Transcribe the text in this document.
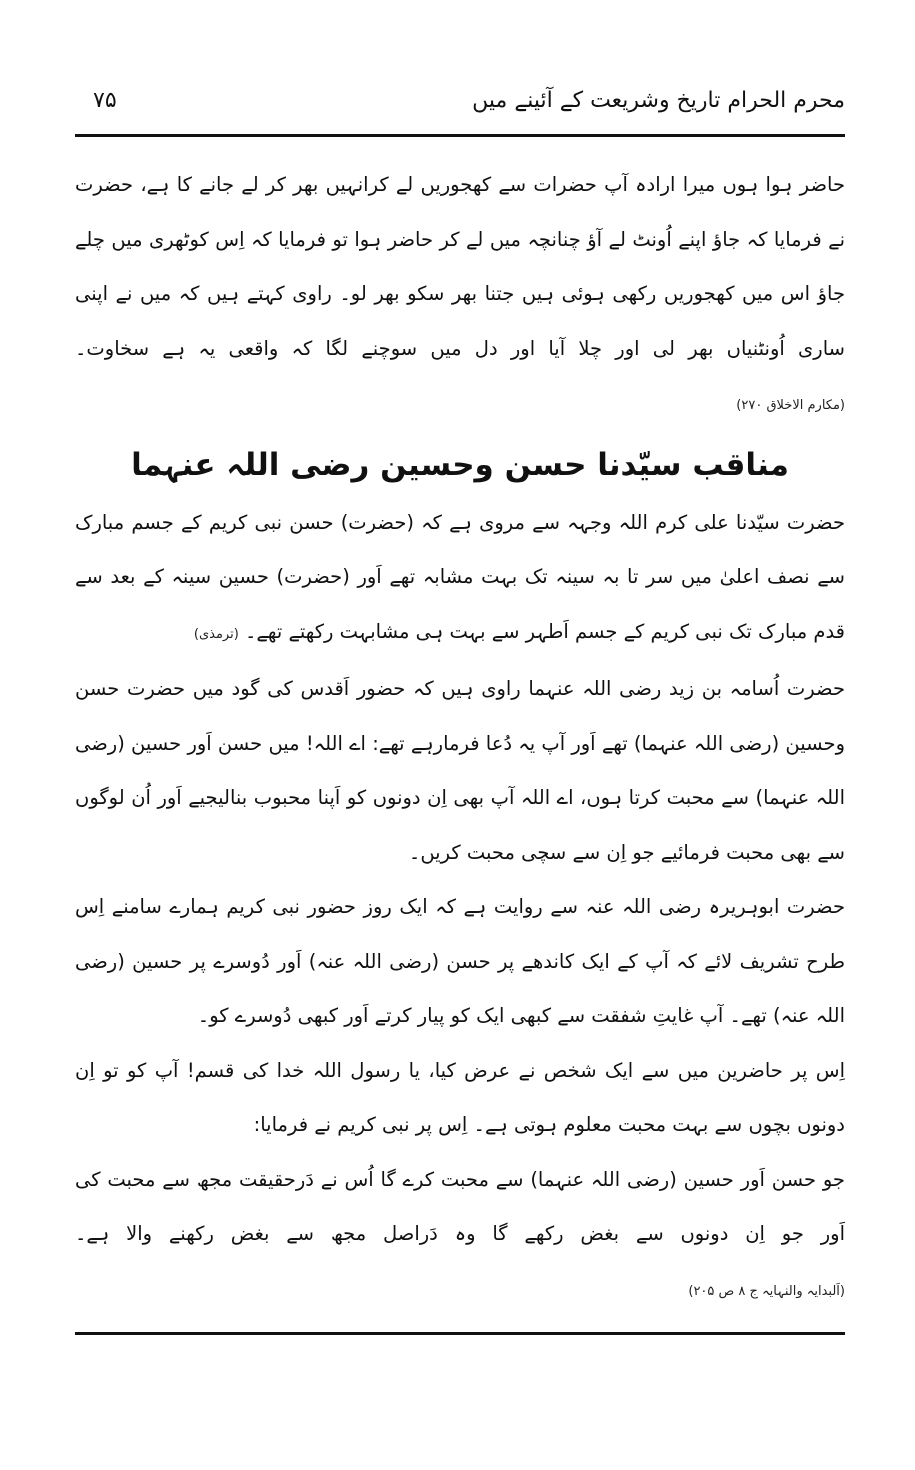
محرم الحرام تاریخ وشریعت کے آئینے میں
۷۵

حاضر ہوا ہوں میرا ارادہ آپ حضرات سے کھجوریں لے کرانہیں بھر کر لے جانے کا ہے، حضرت نے فرمایا کہ جاؤ اپنے اُونٹ لے آؤ چنانچہ میں لے کر حاضر ہوا تو فرمایا کہ اِس کوٹھری میں چلے جاؤ اس میں کھجوریں رکھی ہوئی ہیں جتنا بھر سکو بھر لو۔ راوی کہتے ہیں کہ میں نے اپنی ساری اُونٹنیاں بھر لی اور چلا آیا اور دل میں سوچنے لگا کہ واقعی یہ ہے سخاوت۔ (مکارم الاخلاق ۲۷۰)

مناقب سیّدنا حسن وحسین رضی اللہ عنہما

حضرت سیّدنا علی کرم اللہ وجہہ سے مروی ہے کہ (حضرت) حسن نبی کریم کے جسم مبارک سے نصف اعلیٰ میں سر تا بہ سینہ تک بہت مشابہ تھے اَور (حضرت) حسین سینہ کے بعد سے قدم مبارک تک نبی کریم کے جسم اَطہر سے بہت ہی مشابہت رکھتے تھے۔ (ترمذی)

حضرت اُسامہ بن زید رضی اللہ عنہما راوی ہیں کہ حضور اَقدس کی گود میں حضرت حسن وحسین (رضی اللہ عنہما) تھے اَور آپ یہ دُعا فرمارہے تھے: اے اللہ! میں حسن اَور حسین (رضی اللہ عنہما) سے محبت کرتا ہوں، اے اللہ آپ بھی اِن دونوں کو اَپنا محبوب بنالیجیے اَور اُن لوگوں سے بھی محبت فرمائیے جو اِن سے سچی محبت کریں۔

حضرت ابوہریرہ رضی اللہ عنہ سے روایت ہے کہ ایک روز حضور نبی کریم ہمارے سامنے اِس طرح تشریف لائے کہ آپ کے ایک کاندھے پر حسن (رضی اللہ عنہ) اَور دُوسرے پر حسین (رضی اللہ عنہ) تھے۔ آپ غایتِ شفقت سے کبھی ایک کو پیار کرتے اَور کبھی دُوسرے کو۔

اِس پر حاضرین میں سے ایک شخص نے عرض کیا، یا رسول اللہ خدا کی قسم! آپ کو تو اِن دونوں بچوں سے بہت محبت معلوم ہوتی ہے۔ اِس پر نبی کریم نے فرمایا:

جو حسن اَور حسین (رضی اللہ عنہما) سے محبت کرے گا اُس نے دَرحقیقت مجھ سے محبت کی اَور جو اِن دونوں سے بغض رکھے گا وہ دَراصل مجھ سے بغض رکھنے والا ہے۔ (اَلبدایہ والنہایہ ج ۸ ص ۲۰۵)
